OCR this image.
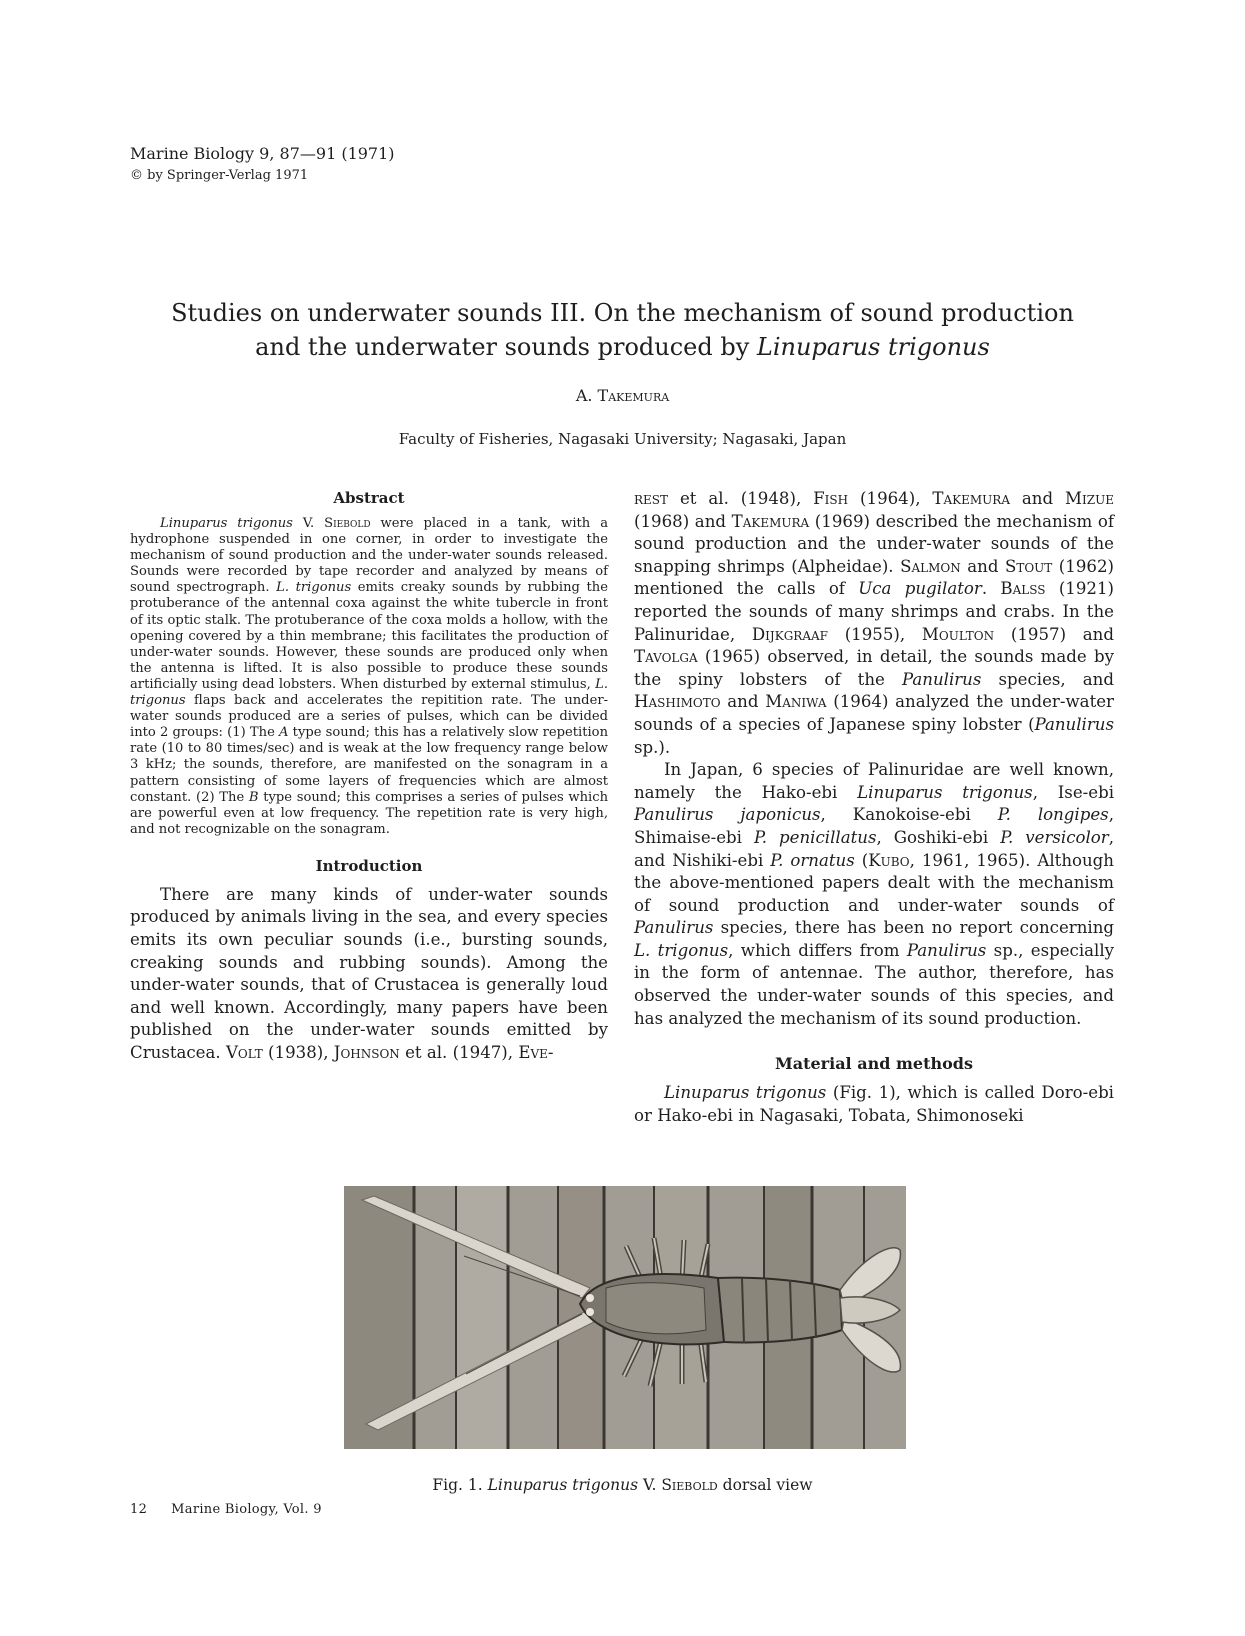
Marine Biology 9, 87—91 (1971)
© by Springer-Verlag 1971
Studies on underwater sounds III. On the mechanism of sound production
and the underwater sounds produced by Linuparus trigonus
A. Takemura
Faculty of Fisheries, Nagasaki University; Nagasaki, Japan
Abstract

Linuparus trigonus V. Siebold were placed in a tank, with a hydrophone suspended in one corner, in order to investigate the mechanism of sound production and the under-water sounds released. Sounds were recorded by tape recorder and analyzed by means of sound spectrograph. L. trigonus emits creaky sounds by rubbing the protuberance of the antennal coxa against the white tubercle in front of its optic stalk. The protuberance of the coxa molds a hollow, with the opening covered by a thin membrane; this facilitates the production of under-water sounds. However, these sounds are produced only when the antenna is lifted. It is also possible to produce these sounds artificially using dead lobsters. When disturbed by external stimulus, L. trigonus flaps back and accelerates the repitition rate. The under-water sounds produced are a series of pulses, which can be divided into 2 groups: (1) The A type sound; this has a relatively slow repetition rate (10 to 80 times/sec) and is weak at the low frequency range below 3 kHz; the sounds, therefore, are manifested on the sonagram in a pattern consisting of some layers of frequencies which are almost constant. (2) The B type sound; this comprises a series of pulses which are powerful even at low frequency. The repetition rate is very high, and not recognizable on the sonagram.

Introduction

There are many kinds of under-water sounds produced by animals living in the sea, and every species emits its own peculiar sounds (i.e., bursting sounds, creaking sounds and rubbing sounds). Among the under-water sounds, that of Crustacea is generally loud and well known. Accordingly, many papers have been published on the under-water sounds emitted by Crustacea. Volt (1938), Johnson et al. (1947), Eve-

rest et al. (1948), Fish (1964), Takemura and Mizue (1968) and Takemura (1969) described the mechanism of sound production and the under-water sounds of the snapping shrimps (Alpheidae). Salmon and Stout (1962) mentioned the calls of Uca pugilator. Balss (1921) reported the sounds of many shrimps and crabs. In the Palinuridae, Dijkgraaf (1955), Moulton (1957) and Tavolga (1965) observed, in detail, the sounds made by the spiny lobsters of the Panulirus species, and Hashimoto and Maniwa (1964) analyzed the under-water sounds of a species of Japanese spiny lobster (Panulirus sp.).

In Japan, 6 species of Palinuridae are well known, namely the Hako-ebi Linuparus trigonus, Ise-ebi Panulirus japonicus, Kanokoise-ebi P. longipes, Shimaise-ebi P. penicillatus, Goshiki-ebi P. versicolor, and Nishiki-ebi P. ornatus (Kubo, 1961, 1965). Although the above-mentioned papers dealt with the mechanism of sound production and under-water sounds of Panulirus species, there has been no report concerning L. trigonus, which differs from Panulirus sp., especially in the form of antennae. The author, therefore, has observed the under-water sounds of this species, and has analyzed the mechanism of its sound production.

Material and methods

Linuparus trigonus (Fig. 1), which is called Doro-ebi or Hako-ebi in Nagasaki, Tobata, Shimonoseki

Fig. 1. Linuparus trigonus V. Siebold dorsal view
12 Marine Biology, Vol. 9
